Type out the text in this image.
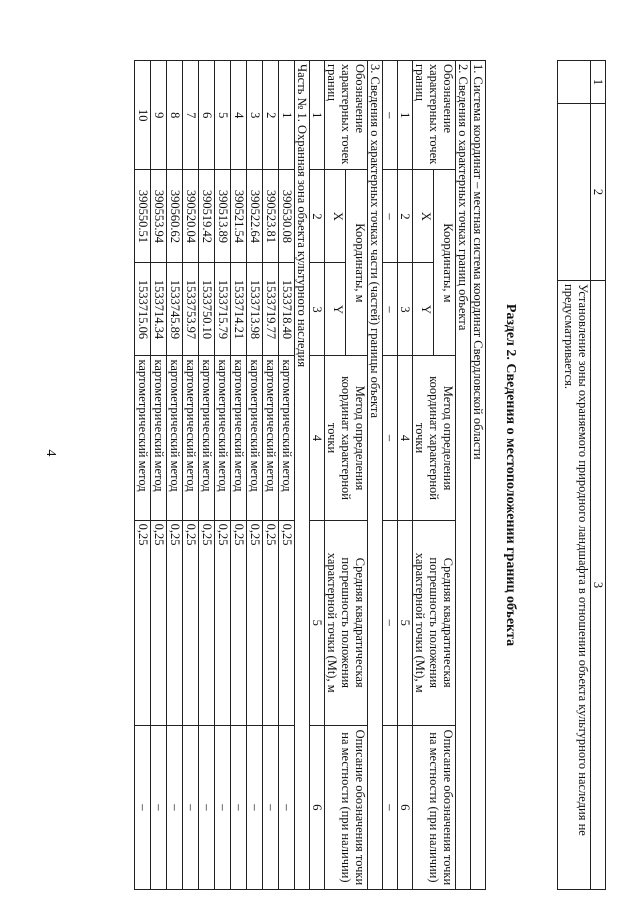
4
1	2	3
		Установление зоны охраняемого природного ландшафта в отношении объекта культурного наследия не предусматривается.
Раздел 2. Сведения о местоположении границ объекта
1. Система координат – местная система координат Свердловской области					
2. Сведения о характерных точках границ объекта					
Обозначение характерных точек границ	Координаты, м		Метод определения координат характерной точки	Средняя квадратическая погрешность положения характерной точки (Mt), м	Описание обозначения точки на местности (при наличии)
	X	Y			
1	2	3	4	5	6
–	–	–	–	–	–
3. Сведения о характерных точках части (частей) границы объекта					
Обозначение характерных точек границ	Координаты, м		Метод определения координат характерной точки	Средняя квадратическая погрешность положения характерной точки (Mt), м	Описание обозначения точки на местности (при наличии)
	X	Y			
1	2	3	4	5	6
Часть № 1. Охранная зона объекта культурного наследия					
1	390530.08	1533718.40	картометрический метод	0,25	–
2	390523.81	1533719.77	картометрический метод	0,25	–
3	390522.64	1533713.98	картометрический метод	0,25	–
4	390521.54	1533714.21	картометрический метод	0,25	–
5	390513.89	1533715.79	картометрический метод	0,25	–
6	390519.42	1533750.10	картометрический метод	0,25	–
7	390520.04	1533753.97	картометрический метод	0,25	–
8	390560.62	1533745.89	картометрический метод	0,25	–
9	390553.94	1533714.34	картометрический метод	0,25	–
10	390550.51	1533715.06	картометрический метод	0,25	–
